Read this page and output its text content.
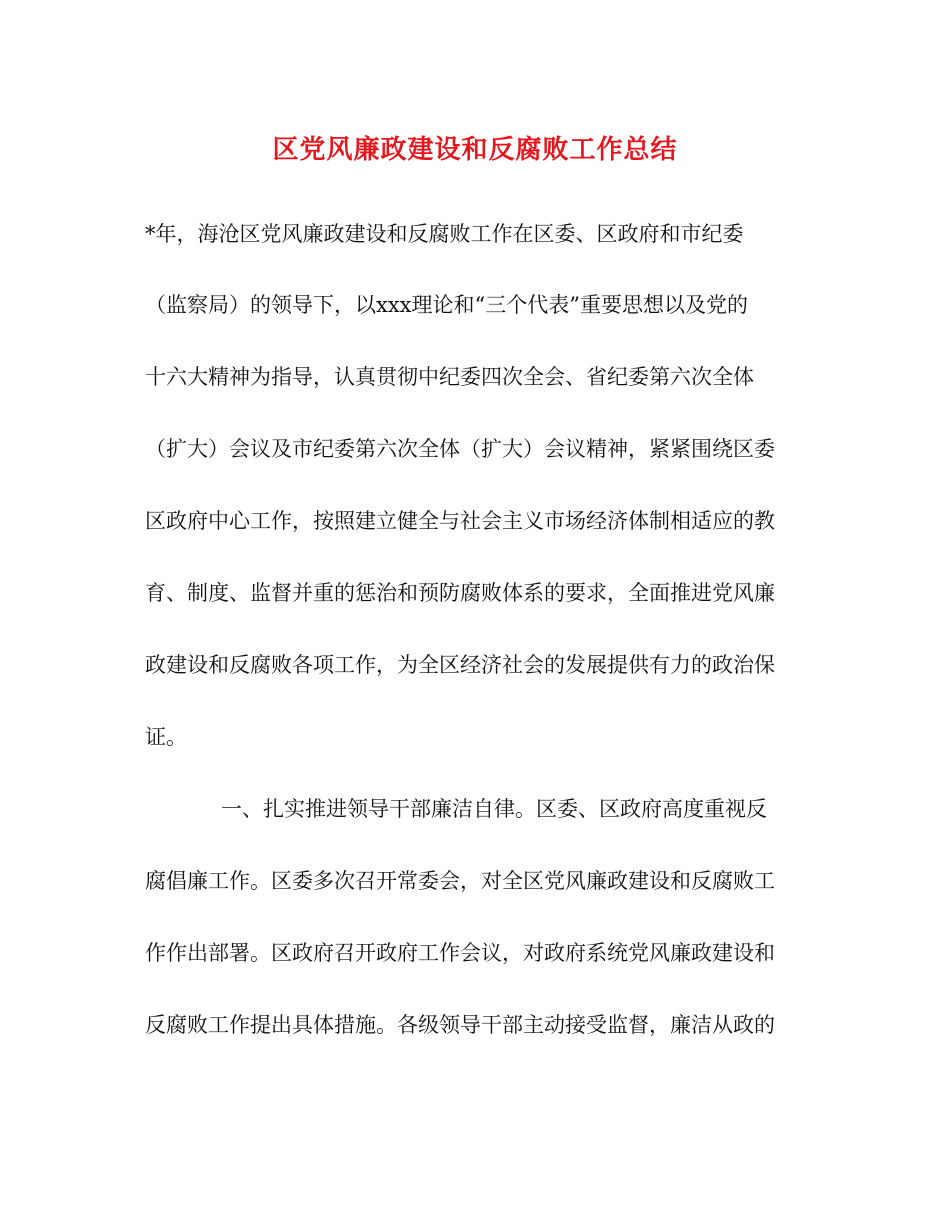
区党风廉政建设和反腐败工作总结

*年，海沧区党风廉政建设和反腐败工作在区委、区政府和市纪委

（监察局）的领导下，以xxx理论和“三个代表”重要思想以及党的

十六大精神为指导，认真贯彻中纪委四次全会、省纪委第六次全体

（扩大）会议及市纪委第六次全体（扩大）会议精神，紧紧围绕区委

区政府中心工作，按照建立健全与社会主义市场经济体制相适应的教

育、制度、监督并重的惩治和预防腐败体系的要求，全面推进党风廉

政建设和反腐败各项工作，为全区经济社会的发展提供有力的政治保

证。

一、扎实推进领导干部廉洁自律。区委、区政府高度重视反

腐倡廉工作。区委多次召开常委会，对全区党风廉政建设和反腐败工

作作出部署。区政府召开政府工作会议，对政府系统党风廉政建设和

反腐败工作提出具体措施。各级领导干部主动接受监督，廉洁从政的
